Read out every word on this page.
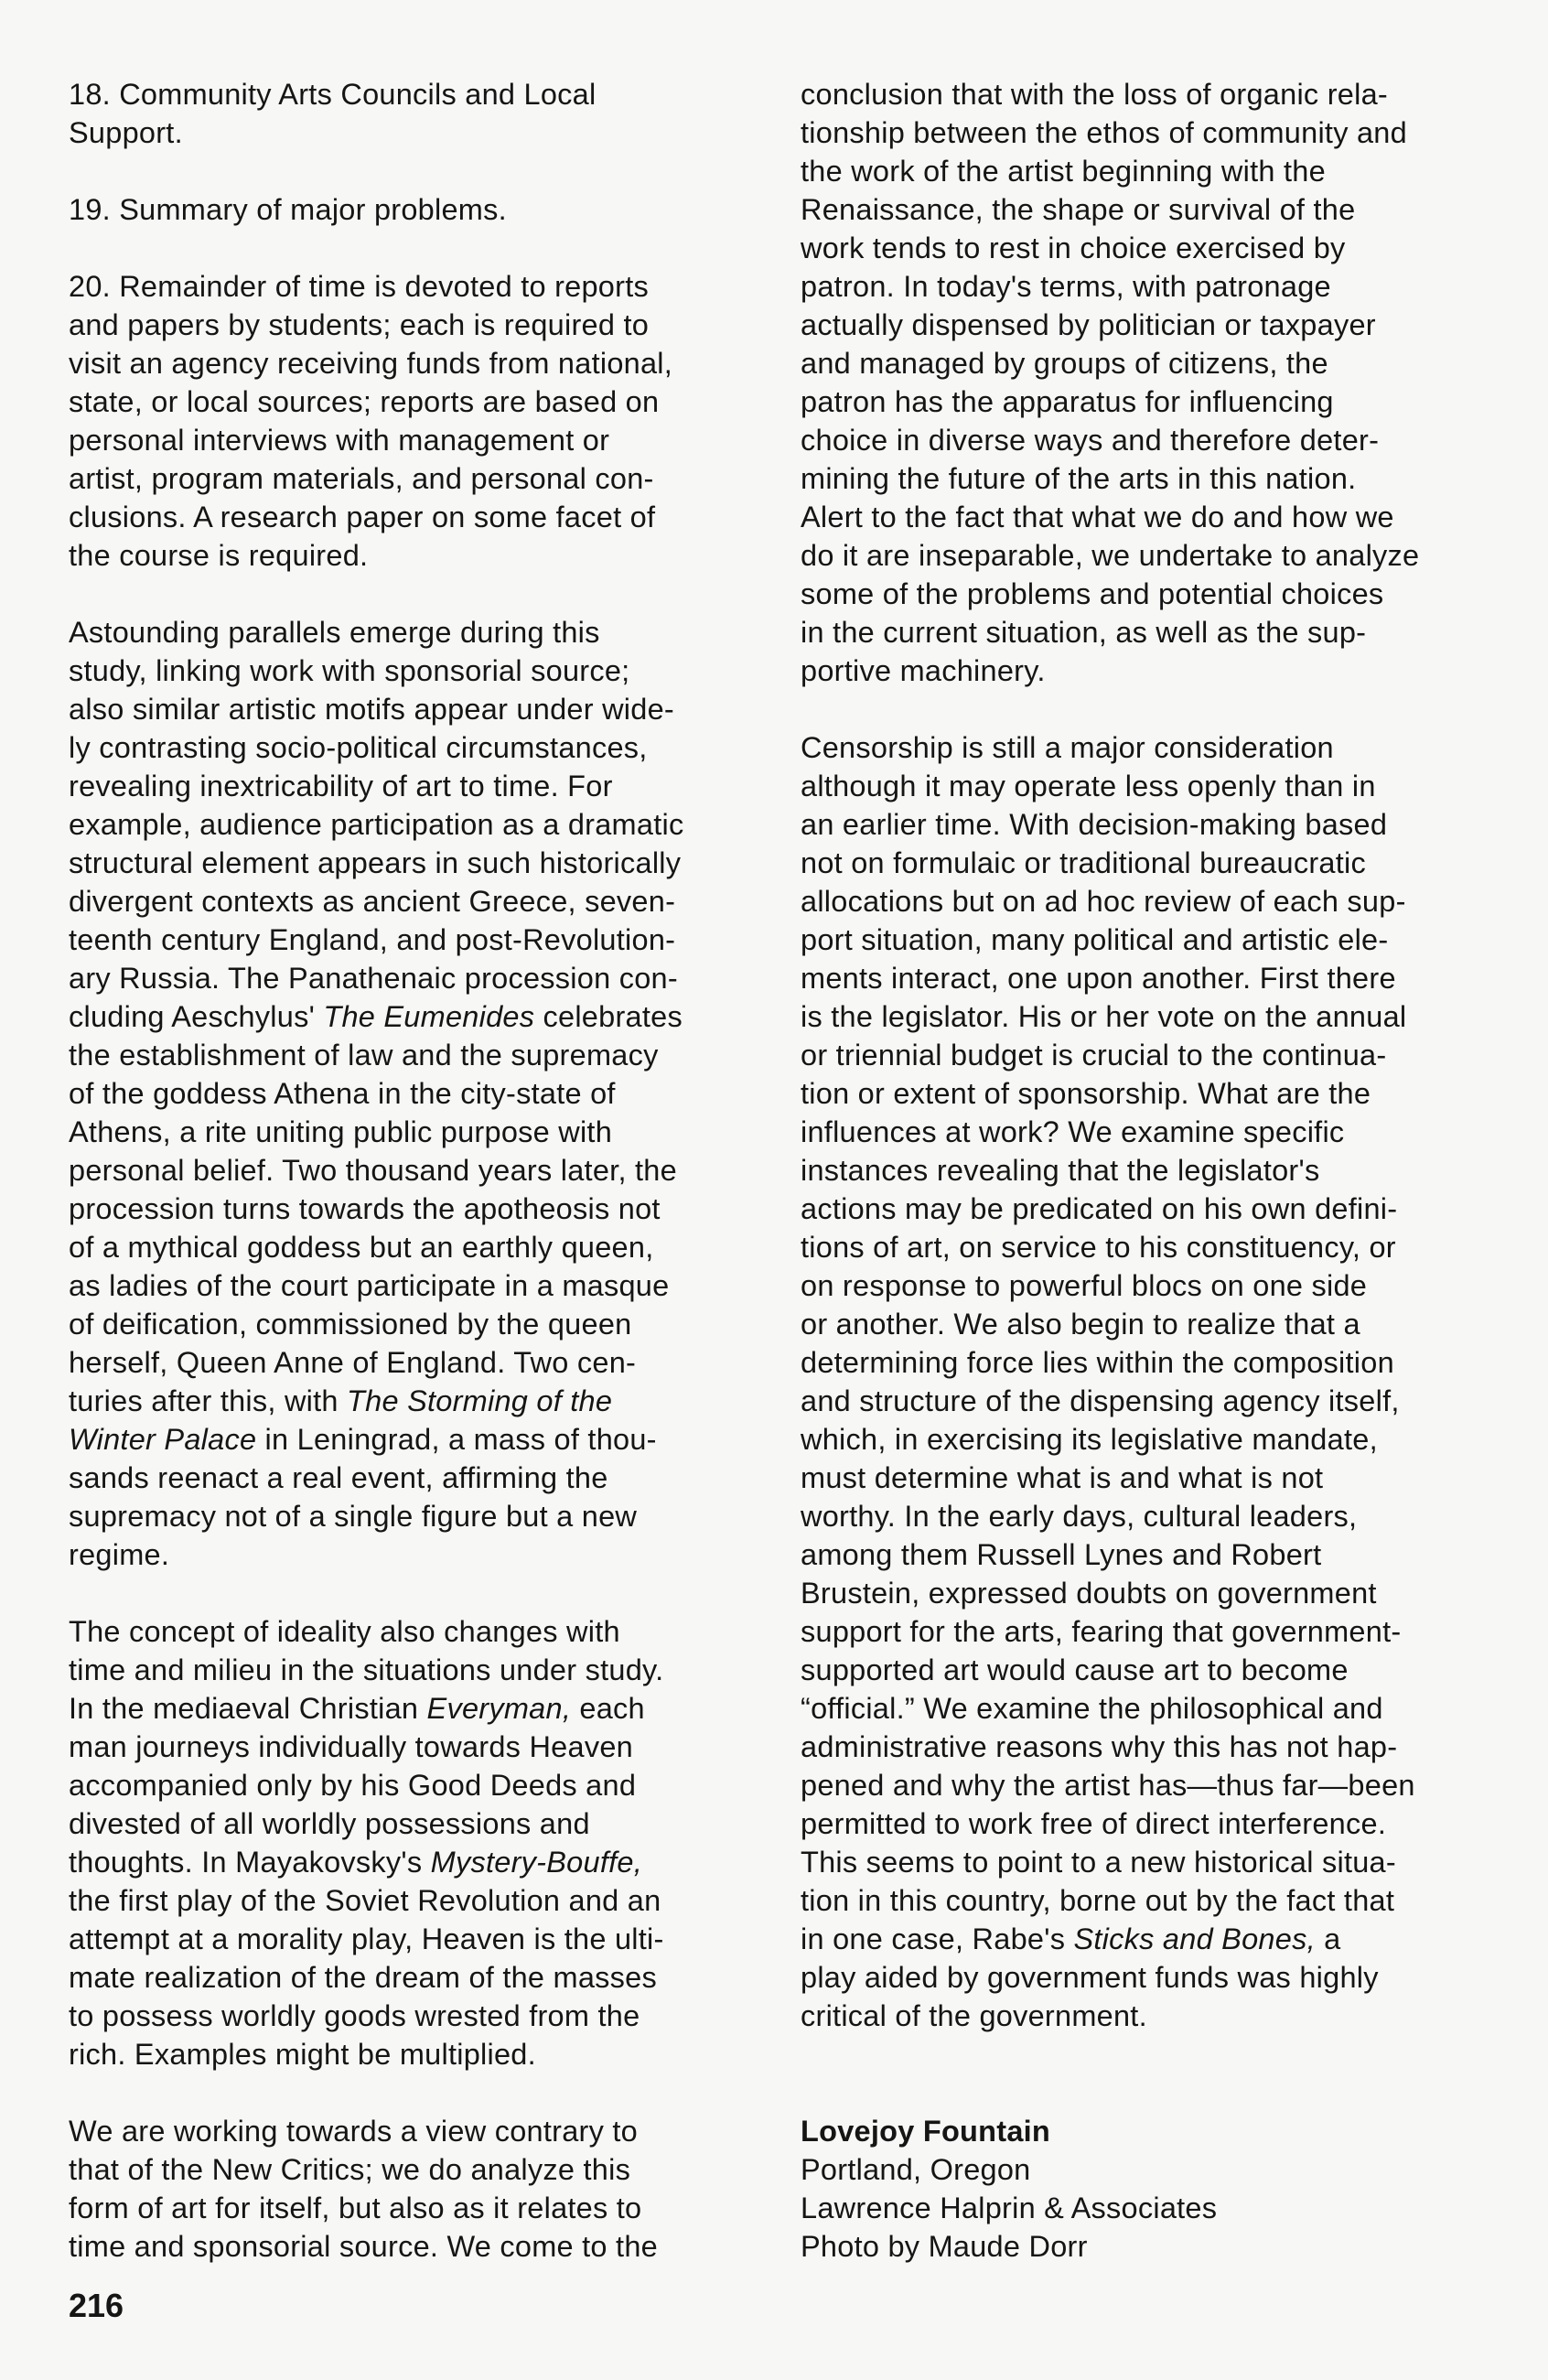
18. Community Arts Councils and Local
Support.
19. Summary of major problems.
20. Remainder of time is devoted to reports
and papers by students; each is required to
visit an agency receiving funds from national,
state, or local sources; reports are based on
personal interviews with management or
artist, program materials, and personal con-
clusions. A research paper on some facet of
the course is required.
Astounding parallels emerge during this
study, linking work with sponsorial source;
also similar artistic motifs appear under wide-
ly contrasting socio-political circumstances,
revealing inextricability of art to time. For
example, audience participation as a dramatic
structural element appears in such historically
divergent contexts as ancient Greece, seven-
teenth century England, and post-Revolution-
ary Russia. The Panathenaic procession con-
cluding Aeschylus' The Eumenides celebrates
the establishment of law and the supremacy
of the goddess Athena in the city-state of
Athens, a rite uniting public purpose with
personal belief. Two thousand years later, the
procession turns towards the apotheosis not
of a mythical goddess but an earthly queen,
as ladies of the court participate in a masque
of deification, commissioned by the queen
herself, Queen Anne of England. Two cen-
turies after this, with The Storming of the
Winter Palace in Leningrad, a mass of thou-
sands reenact a real event, affirming the
supremacy not of a single figure but a new
regime.
The concept of ideality also changes with
time and milieu in the situations under study.
In the mediaeval Christian Everyman, each
man journeys individually towards Heaven
accompanied only by his Good Deeds and
divested of all worldly possessions and
thoughts. In Mayakovsky's Mystery-Bouffe,
the first play of the Soviet Revolution and an
attempt at a morality play, Heaven is the ulti-
mate realization of the dream of the masses
to possess worldly goods wrested from the
rich. Examples might be multiplied.
We are working towards a view contrary to
that of the New Critics; we do analyze this
form of art for itself, but also as it relates to
time and sponsorial source. We come to the
conclusion that with the loss of organic rela-
tionship between the ethos of community and
the work of the artist beginning with the
Renaissance, the shape or survival of the
work tends to rest in choice exercised by
patron. In today's terms, with patronage
actually dispensed by politician or taxpayer
and managed by groups of citizens, the
patron has the apparatus for influencing
choice in diverse ways and therefore deter-
mining the future of the arts in this nation.
Alert to the fact that what we do and how we
do it are inseparable, we undertake to analyze
some of the problems and potential choices
in the current situation, as well as the sup-
portive machinery.
Censorship is still a major consideration
although it may operate less openly than in
an earlier time. With decision-making based
not on formulaic or traditional bureaucratic
allocations but on ad hoc review of each sup-
port situation, many political and artistic ele-
ments interact, one upon another. First there
is the legislator. His or her vote on the annual
or triennial budget is crucial to the continua-
tion or extent of sponsorship. What are the
influences at work? We examine specific
instances revealing that the legislator's
actions may be predicated on his own defini-
tions of art, on service to his constituency, or
on response to powerful blocs on one side
or another. We also begin to realize that a
determining force lies within the composition
and structure of the dispensing agency itself,
which, in exercising its legislative mandate,
must determine what is and what is not
worthy. In the early days, cultural leaders,
among them Russell Lynes and Robert
Brustein, expressed doubts on government
support for the arts, fearing that government-
supported art would cause art to become
“official.” We examine the philosophical and
administrative reasons why this has not hap-
pened and why the artist has—thus far—been
permitted to work free of direct interference.
This seems to point to a new historical situa-
tion in this country, borne out by the fact that
in one case, Rabe's Sticks and Bones, a
play aided by government funds was highly
critical of the government.
Lovejoy Fountain
Portland, Oregon
Lawrence Halprin & Associates
Photo by Maude Dorr
216
